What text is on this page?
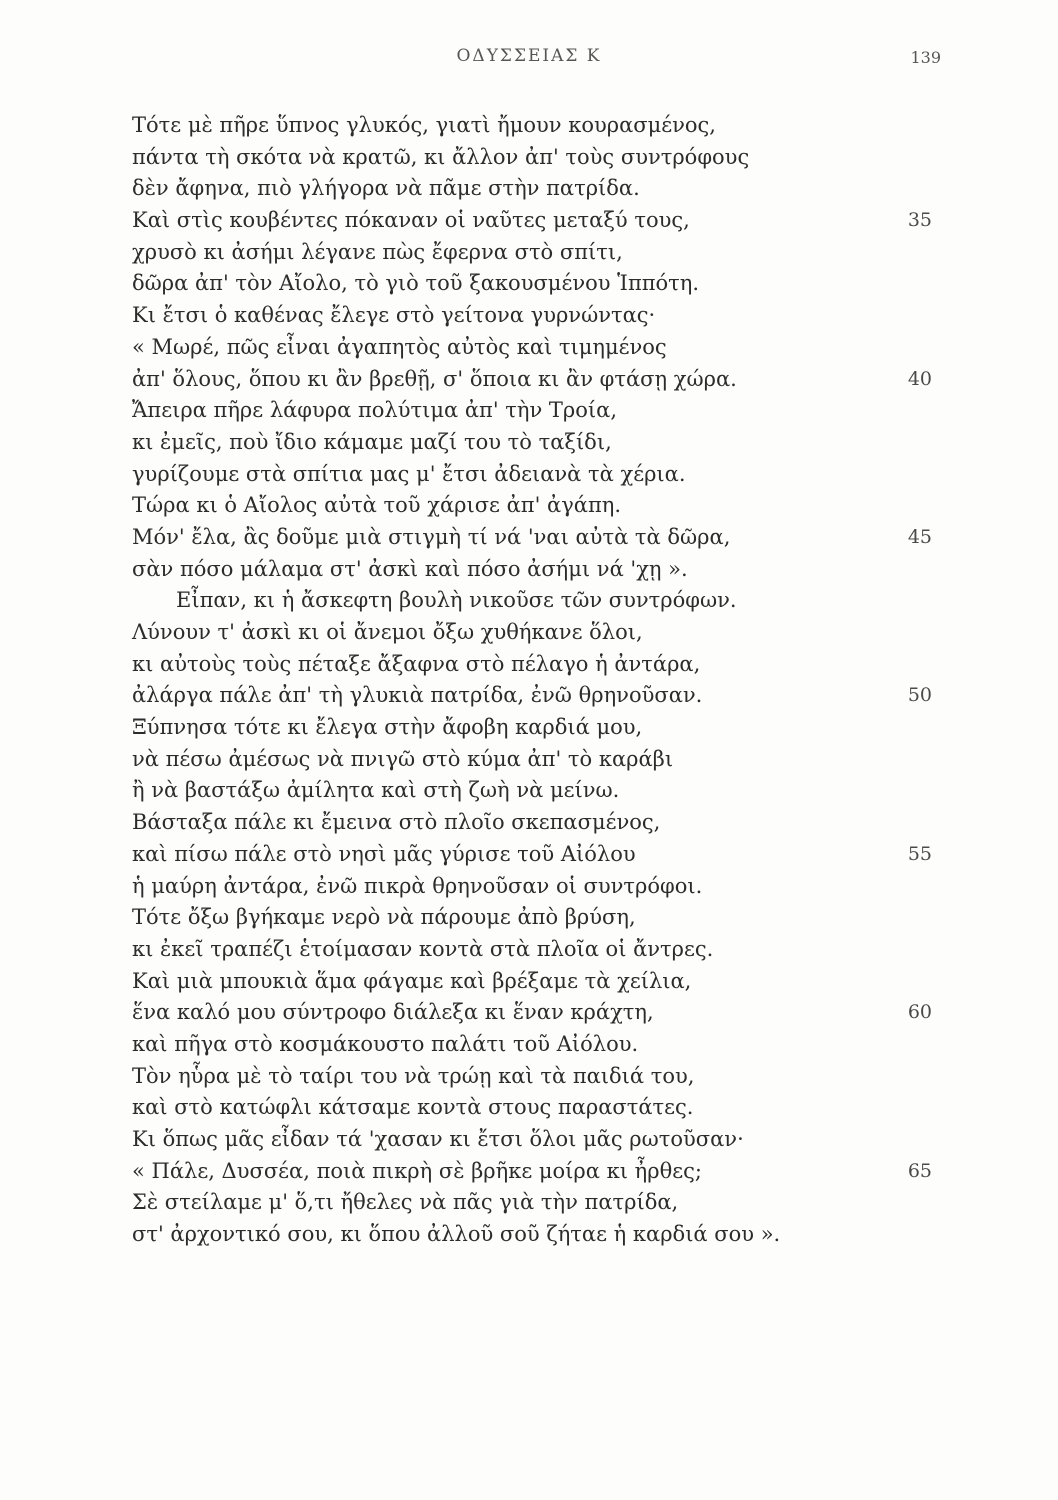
ΟΔΥΣΣΕΙΑΣ Κ	139
Τότε μὲ πῆρε ὕπνος γλυκός, γιατὶ ἤμουν κουρασμένος,
πάντα τὴ σκότα νὰ κρατῶ, κι ἄλλον ἀπ' τοὺς συντρόφους
δὲν ἄφηνα, πιὸ γλήγορα νὰ πᾶμε στὴν πατρίδα.
Καὶ στὶς κουβέντες πόκαναν οἱ ναῦτες μεταξύ τους,	35
χρυσὸ κι ἀσήμι λέγανε πὼς ἔφερνα στὸ σπίτι,
δῶρα ἀπ' τὸν Αἴολο, τὸ γιὸ τοῦ ξακουσμένου Ἱππότη.
Κι ἔτσι ὁ καθένας ἔλεγε στὸ γείτονα γυρνώντας·
« Μωρέ, πῶς εἶναι ἀγαπητὸς αὐτὸς καὶ τιμημένος
ἀπ' ὅλους, ὅπου κι ἂν βρεθῇ, σ' ὅποια κι ἂν φτάσῃ χώρα.	40
Ἄπειρα πῆρε λάφυρα πολύτιμα ἀπ' τὴν Τροία,
κι ἐμεῖς, ποὺ ἴδιο κάμαμε μαζί του τὸ ταξίδι,
γυρίζουμε στὰ σπίτια μας μ' ἔτσι ἀδειανὰ τὰ χέρια.
Τώρα κι ὁ Αἴολος αὐτὰ τοῦ χάρισε ἀπ' ἀγάπη.
Μόν' ἔλα, ἂς δοῦμε μιὰ στιγμὴ τί νά 'ναι αὐτὰ τὰ δῶρα,	45
σὰν πόσο μάλαμα στ' ἀσκὶ καὶ πόσο ἀσήμι νά 'χῃ ».
Εἶπαν, κι ἡ ἄσκεφτη βουλὴ νικοῦσε τῶν συντρόφων.
Λύνουν τ' ἀσκὶ κι οἱ ἄνεμοι ὄξω χυθήκανε ὅλοι,
κι αὐτοὺς τοὺς πέταξε ἄξαφνα στὸ πέλαγο ἡ ἀντάρα,
ἀλάργα πάλε ἀπ' τὴ γλυκιὰ πατρίδα, ἐνῶ θρηνοῦσαν.	50
Ξύπνησα τότε κι ἔλεγα στὴν ἄφοβη καρδιά μου,
νὰ πέσω ἀμέσως νὰ πνιγῶ στὸ κύμα ἀπ' τὸ καράβι
ἢ νὰ βαστάξω ἀμίλητα καὶ στὴ ζωὴ νὰ μείνω.
Βάσταξα πάλε κι ἔμεινα στὸ πλοῖο σκεπασμένος,
καὶ πίσω πάλε στὸ νησὶ μᾶς γύρισε τοῦ Αἰόλου	55
ἡ μαύρη ἀντάρα, ἐνῶ πικρὰ θρηνοῦσαν οἱ συντρόφοι.
Τότε ὄξω βγήκαμε νερὸ νὰ πάρουμε ἀπὸ βρύση,
κι ἐκεῖ τραπέζι ἑτοίμασαν κοντὰ στὰ πλοῖα οἱ ἄντρες.
Καὶ μιὰ μπουκιὰ ἅμα φάγαμε καὶ βρέξαμε τὰ χείλια,
ἕνα καλό μου σύντροφο διάλεξα κι ἕναν κράχτη,	60
καὶ πῆγα στὸ κοσμάκουστο παλάτι τοῦ Αἰόλου.
Τὸν ηὗρα μὲ τὸ ταίρι του νὰ τρώῃ καὶ τὰ παιδιά του,
καὶ στὸ κατώφλι κάτσαμε κοντὰ στους παραστάτες.
Κι ὅπως μᾶς εἶδαν τά 'χασαν κι ἔτσι ὅλοι μᾶς ρωτοῦσαν·
« Πάλε, Δυσσέα, ποιὰ πικρὴ σὲ βρῆκε μοίρα κι ἦρθες;	65
Σὲ στείλαμε μ' ὅ,τι ἤθελες νὰ πᾶς γιὰ τὴν πατρίδα,
στ' ἀρχοντικό σου, κι ὅπου ἀλλοῦ σοῦ ζήταε ἡ καρδιά σου ».
